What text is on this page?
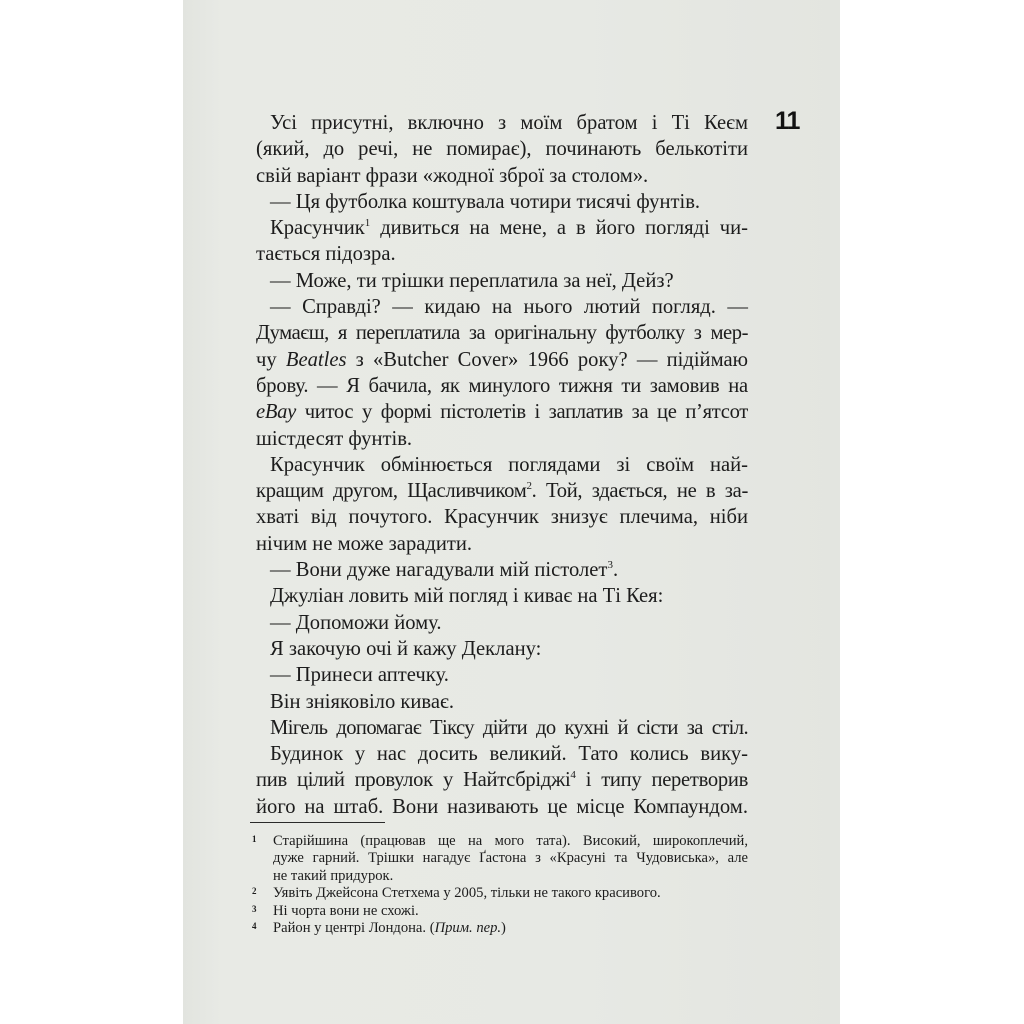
11
Усі присутні, включно з моїм братом і Ті Кеєм
(який, до речі, не помирає), починають белькотіти
свій варіант фрази «жодної зброї за столом».
— Ця футболка коштувала чотири тисячі фунтів.
Красунчик$^1$ дивиться на мене, а в його погляді чи-
тається підозра.
— Може, ти трішки переплатила за неї, Дейз?
— Справді? — кидаю на нього лютий погляд. —
Думаєш, я переплатила за оригінальну футболку з мер-
чу Beatles з «Butcher Cover» 1966 року? — підіймаю
брову. — Я бачила, як минулого тижня ти замовив на
eBay читос у формі пістолетів і заплатив за це п’ятсот
шістдесят фунтів.
Красунчик обмінюється поглядами зі своїм най-
кращим другом, Щасливчиком$^2$. Той, здається, не в за-
хваті від почутого. Красунчик знизує плечима, ніби
нічим не може зарадити.
— Вони дуже нагадували мій пістолет$^3$.
Джуліан ловить мій погляд і киває на Ті Кея:
— Допоможи йому.
Я закочую очі й кажу Деклану:
— Принеси аптечку.
Він зніяковіло киває.
Мігель допомагає Тіксу дійти до кухні й сісти за стіл.
Будинок у нас досить великий. Тато колись вику-
пив цілий провулок у Найтсбріджі$^4$ і типу перетворив
його на штаб. Вони називають це місце Компаундом.
1 Старійшина (працював ще на мого тата). Високий, широкоплечий,
дуже гарний. Трішки нагадує Ґастона з «Красуні та Чудовиська», але
не такий придурок.
2 Уявіть Джейсона Стетхема у 2005, тільки не такого красивого.
3 Ні чорта вони не схожі.
4 Район у центрі Лондона. (Прим. пер.)
